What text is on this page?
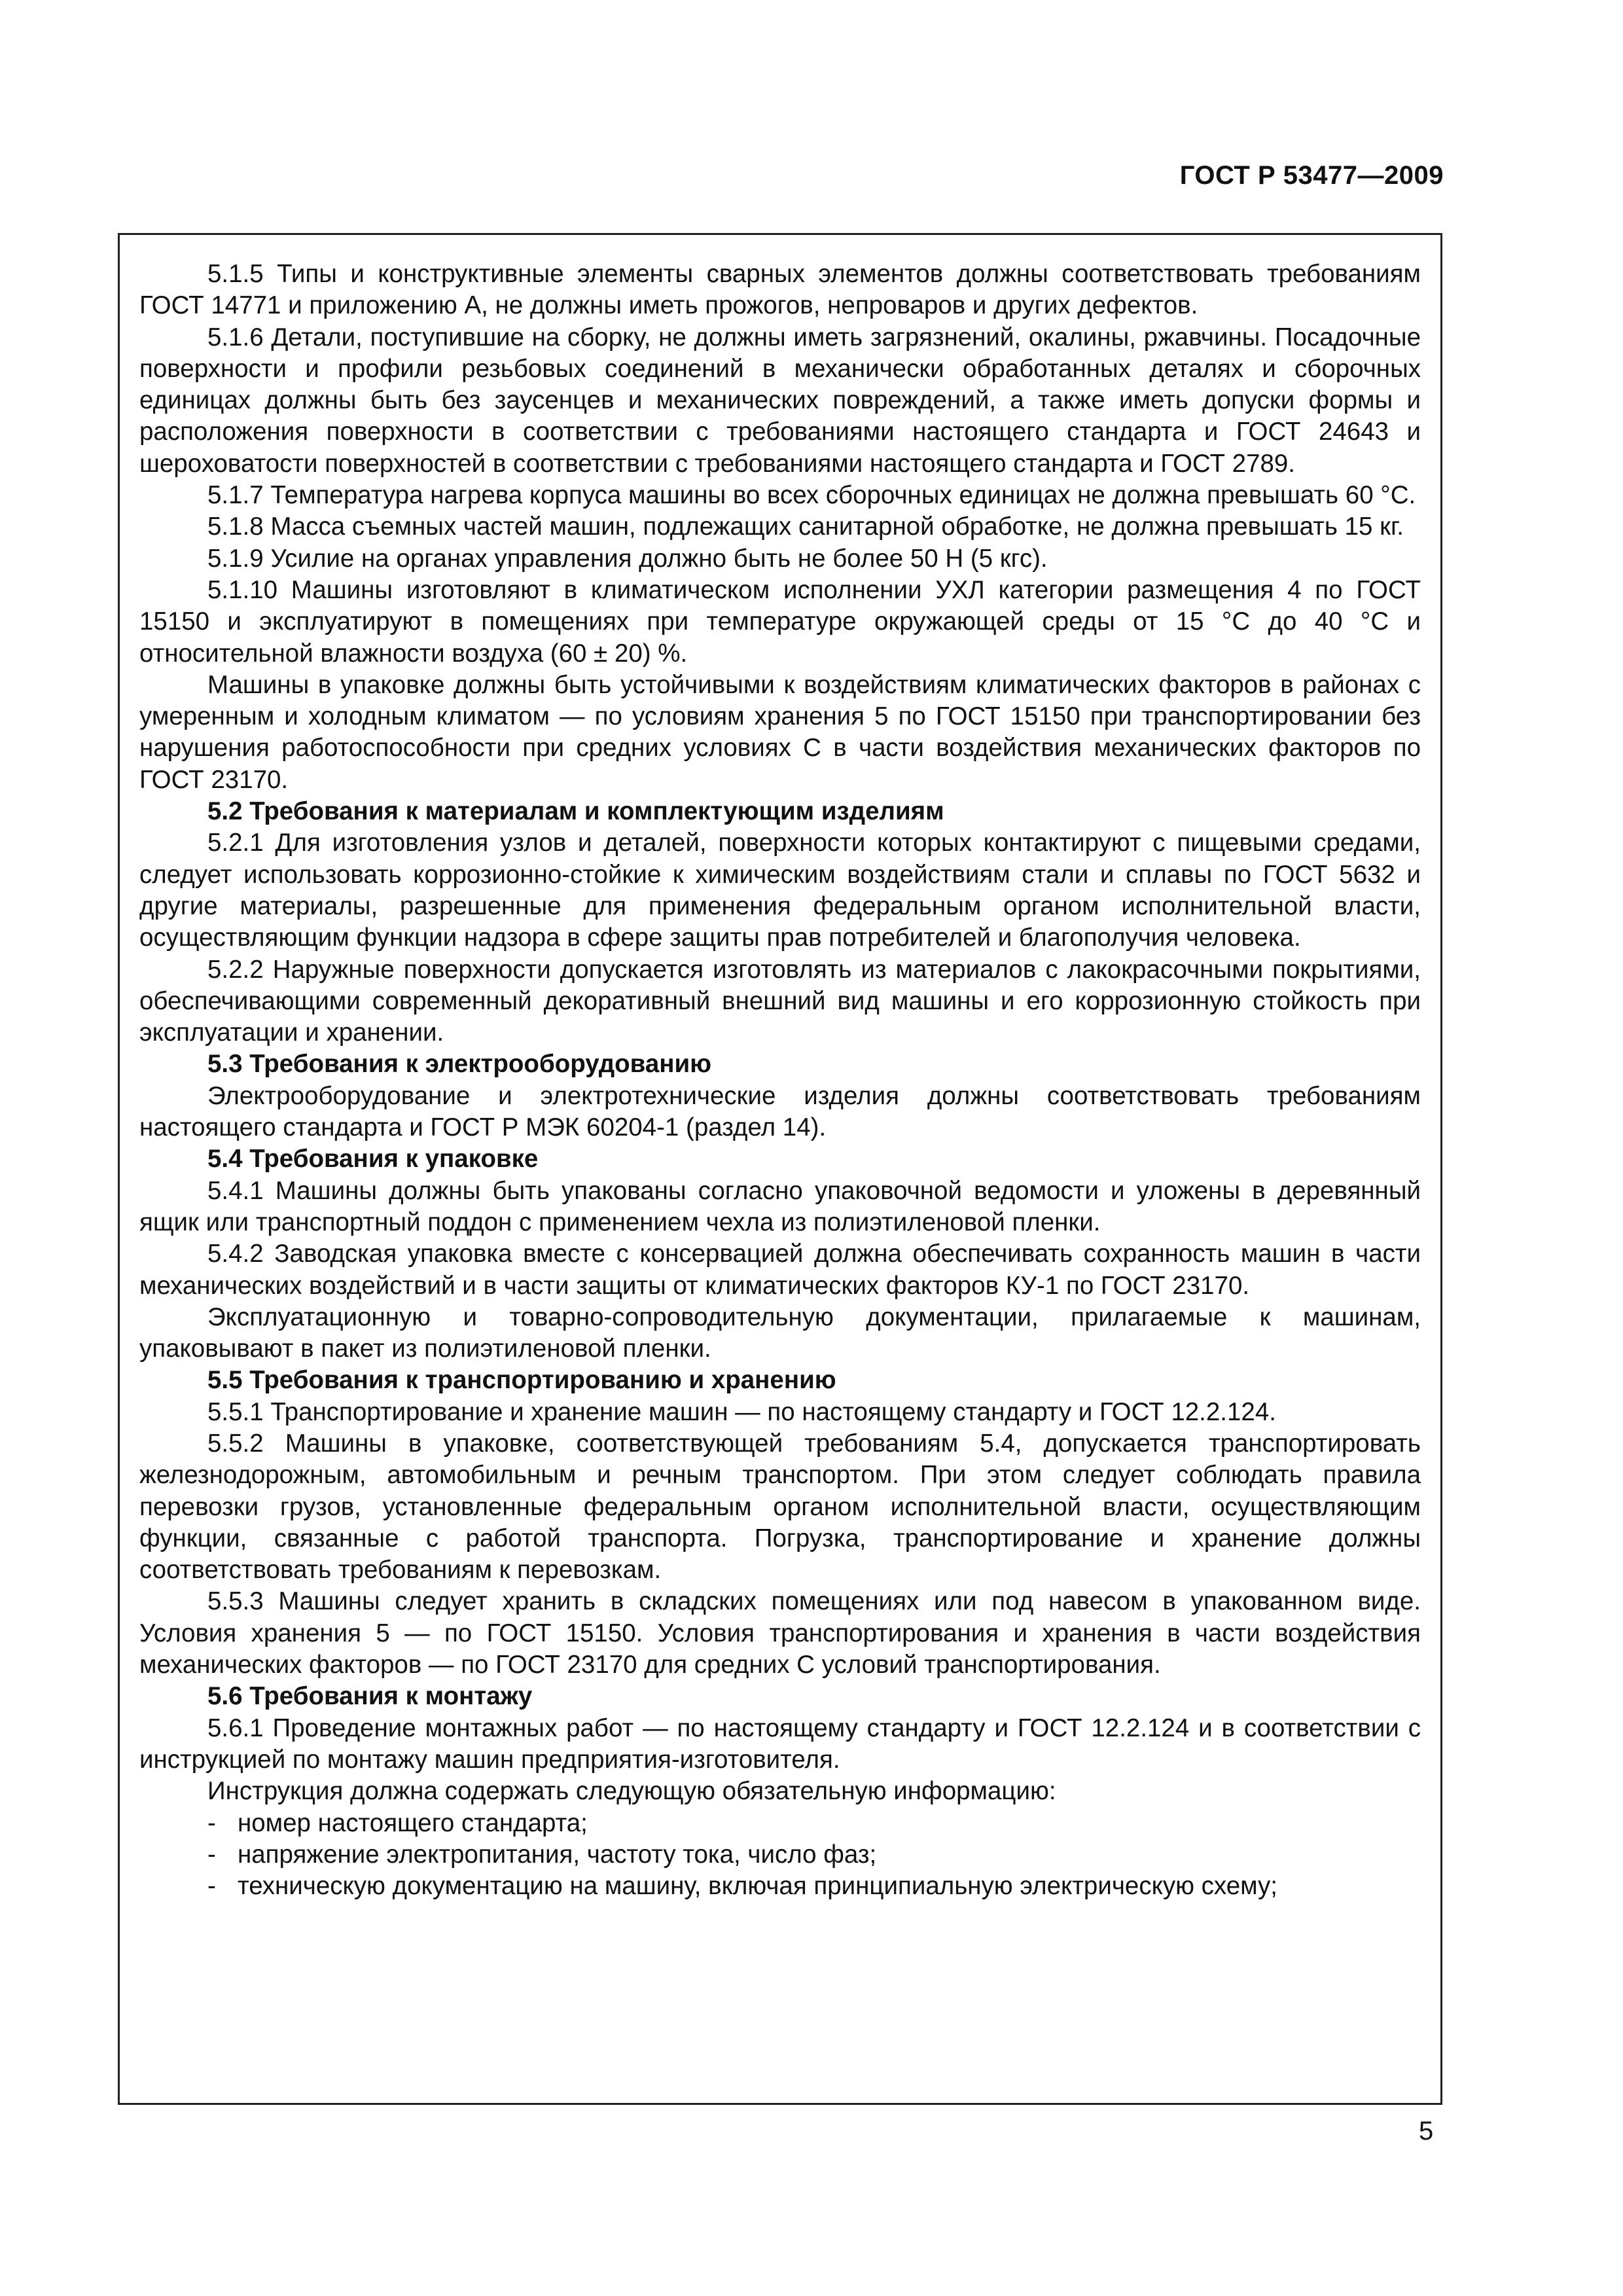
ГОСТ Р 53477—2009

5.1.5 Типы и конструктивные элементы сварных элементов должны соответствовать требованиям ГОСТ 14771 и приложению А, не должны иметь прожогов, непроваров и других дефектов.

5.1.6 Детали, поступившие на сборку, не должны иметь загрязнений, окалины, ржавчины. Посадочные поверхности и профили резьбовых соединений в механически обработанных деталях и сборочных единицах должны быть без заусенцев и механических повреждений, а также иметь допуски формы и расположения поверхности в соответствии с требованиями настоящего стандарта и ГОСТ 24643 и шероховатости поверхностей в соответствии с требованиями настоящего стандарта и ГОСТ 2789.

5.1.7 Температура нагрева корпуса машины во всех сборочных единицах не должна превышать 60 °С.

5.1.8 Масса съемных частей машин, подлежащих санитарной обработке, не должна превышать 15 кг.

5.1.9 Усилие на органах управления должно быть не более 50 Н (5 кгс).

5.1.10 Машины изготовляют в климатическом исполнении УХЛ категории размещения 4 по ГОСТ 15150 и эксплуатируют в помещениях при температуре окружающей среды от 15 °С до 40 °С и относительной влажности воздуха (60 ± 20) %.

Машины в упаковке должны быть устойчивыми к воздействиям климатических факторов в районах с умеренным и холодным климатом — по условиям хранения 5 по ГОСТ 15150 при транспортировании без нарушения работоспособности при средних условиях С в части воздействия механических факторов по ГОСТ 23170.

5.2 Требования к материалам и комплектующим изделиям

5.2.1 Для изготовления узлов и деталей, поверхности которых контактируют с пищевыми средами, следует использовать коррозионно-стойкие к химическим воздействиям стали и сплавы по ГОСТ 5632 и другие материалы, разрешенные для применения федеральным органом исполнительной власти, осуществляющим функции надзора в сфере защиты прав потребителей и благополучия человека.

5.2.2 Наружные поверхности допускается изготовлять из материалов с лакокрасочными покрытиями, обеспечивающими современный декоративный внешний вид машины и его коррозионную стойкость при эксплуатации и хранении.

5.3 Требования к электрооборудованию

Электрооборудование и электротехнические изделия должны соответствовать требованиям настоящего стандарта и ГОСТ Р МЭК 60204-1 (раздел 14).

5.4 Требования к упаковке

5.4.1 Машины должны быть упакованы согласно упаковочной ведомости и уложены в деревянный ящик или транспортный поддон с применением чехла из полиэтиленовой пленки.

5.4.2 Заводская упаковка вместе с консервацией должна обеспечивать сохранность машин в части механических воздействий и в части защиты от климатических факторов КУ-1 по ГОСТ 23170.

Эксплуатационную и товарно-сопроводительную документации, прилагаемые к машинам, упаковывают в пакет из полиэтиленовой пленки.

5.5 Требования к транспортированию и хранению

5.5.1 Транспортирование и хранение машин — по настоящему стандарту и ГОСТ 12.2.124.

5.5.2 Машины в упаковке, соответствующей требованиям 5.4, допускается транспортировать железнодорожным, автомобильным и речным транспортом. При этом следует соблюдать правила перевозки грузов, установленные федеральным органом исполнительной власти, осуществляющим функции, связанные с работой транспорта. Погрузка, транспортирование и хранение должны соответствовать требованиям к перевозкам.

5.5.3 Машины следует хранить в складских помещениях или под навесом в упакованном виде. Условия хранения 5 — по ГОСТ 15150. Условия транспортирования и хранения в части воздействия механических факторов — по ГОСТ 23170 для средних С условий транспортирования.

5.6 Требования к монтажу

5.6.1 Проведение монтажных работ — по настоящему стандарту и ГОСТ 12.2.124 и в соответствии с инструкцией по монтажу машин предприятия-изготовителя.

Инструкция должна содержать следующую обязательную информацию:

- номер настоящего стандарта;
- напряжение электропитания, частоту тока, число фаз;
- техническую документацию на машину, включая принципиальную электрическую схему;
5
